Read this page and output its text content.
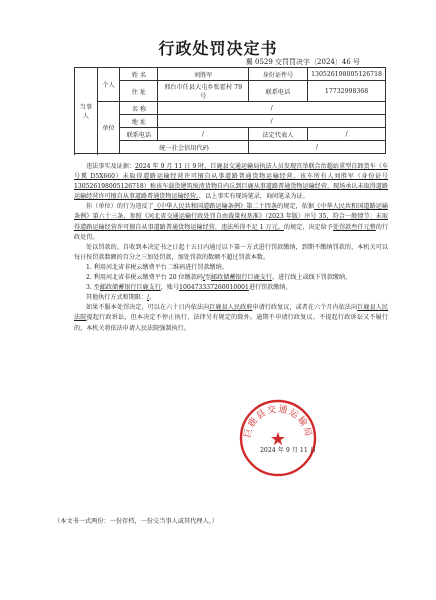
行政处罚决定书
冀 0529 交罚罚决字〔2024〕46 号
当事人	个人	姓 名	刘胜军	身份证件号	130526198005126718
		住 址	邢台市任县大屯乡张霍村 79 号	联系电话	17732998368

	单位	名 称	/		
		地 址	/		
		联系电话	/	法定代表人	/
		统一社会信用代码		/	

违法事实及证据：2024 年 9 月 11 日 9 时，巨鹿县交通运输局执法人员发现宫举联合治超站重型自卸货车（车号冀 D5X660）未取得道路运输经营许可擅自从事道路普通货物运输经营。该车所有人刘胜军（身份证号 130526198005126718）称该车载货建筑废渣货物自内丘到巨鹿从事道路普通货物运输经营，现场承认未取得道路运输经营许可擅自从事道路普通货物运输经营。，以上事实有现场笔录，询问笔录为证。

你（单位）的行为违反了《中华人民共和国道路运输条例》第二十四条的规定，依据《中华人民共和国道路运输条例》第六十三条、参照《河北省交通运输行政处罚自由裁量权基准》（2023 年版）序号 35，符合一般情节：未取得道路运输经营许可擅自从事道路普通货物运输经营，违法所得不足 1 万元。的规定，决定给予处罚款叁仟元整的行政处罚。

处以罚款的，自收到本决定书之日起十五日内通过以下第一方式进行罚款缴纳，到期不缴纳罚款的，本机关可以每日按罚款数额的百分之三加处罚款，加处罚款的数额不超过罚款本数。

1. 利用河北省非税云缴费平台二维码进行罚款缴纳。

2. 利用河北省非税云缴费平台 20 位缴款码/至邮政储蓄银行巨鹿支行，进行线上或线下罚款缴纳。

3. 至邮政储蓄银行巨鹿支行，账号100473337260010001进行罚款缴纳。

其他执行方式和期限：/。

如果不服本处罚决定，可以在六十日内依法向巨鹿县人民政府申请行政复议，或者在六个月内依法向巨鹿县人民法院提起行政诉讼，但本决定不停止执行，法律另有规定的除外。逾期不申请行政复议、不提起行政诉讼又不履行的，本机关将依法申请人民法院强制执行。

★
巨鹿县交通运输局
2024 年 9 月 11 日
（本文书一式两份：一份存档，一份交当事人或其代理人。）
